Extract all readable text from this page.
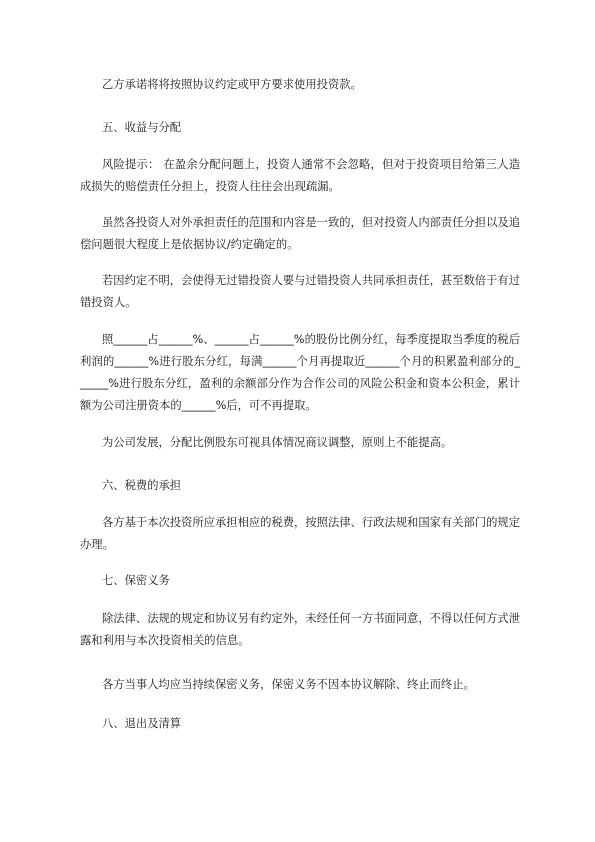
乙方承诺将将按照协议约定或甲方要求使用投资款。

五、收益与分配

风险提示： 在盈余分配问题上，投资人通常不会忽略，但对于投资项目给第三人造成损失的赔偿责任分担上，投资人往往会出现疏漏。

虽然各投资人对外承担责任的范围和内容是一致的，但对投资人内部责任分担以及追偿问题很大程度上是依据协议/约定确定的。

若因约定不明，会使得无过错投资人要与过错投资人共同承担责任，甚至数倍于有过错投资人。

照______占______%、______占______%的股份比例分红，每季度提取当季度的税后利润的______%进行股东分红，每满______个月再提取近______个月的积累盈利部分的______%进行股东分红，盈利的余额部分作为合作公司的风险公积金和资本公积金，累计额为公司注册资本的______%后，可不再提取。

为公司发展，分配比例股东可视具体情况商议调整，原则上不能提高。

六、税费的承担

各方基于本次投资所应承担相应的税费，按照法律、行政法规和国家有关部门的规定办理。

七、保密义务

除法律、法规的规定和协议另有约定外，未经任何一方书面同意，不得以任何方式泄露和利用与本次投资相关的信息。

各方当事人均应当持续保密义务，保密义务不因本协议解除、终止而终止。

八、退出及清算
